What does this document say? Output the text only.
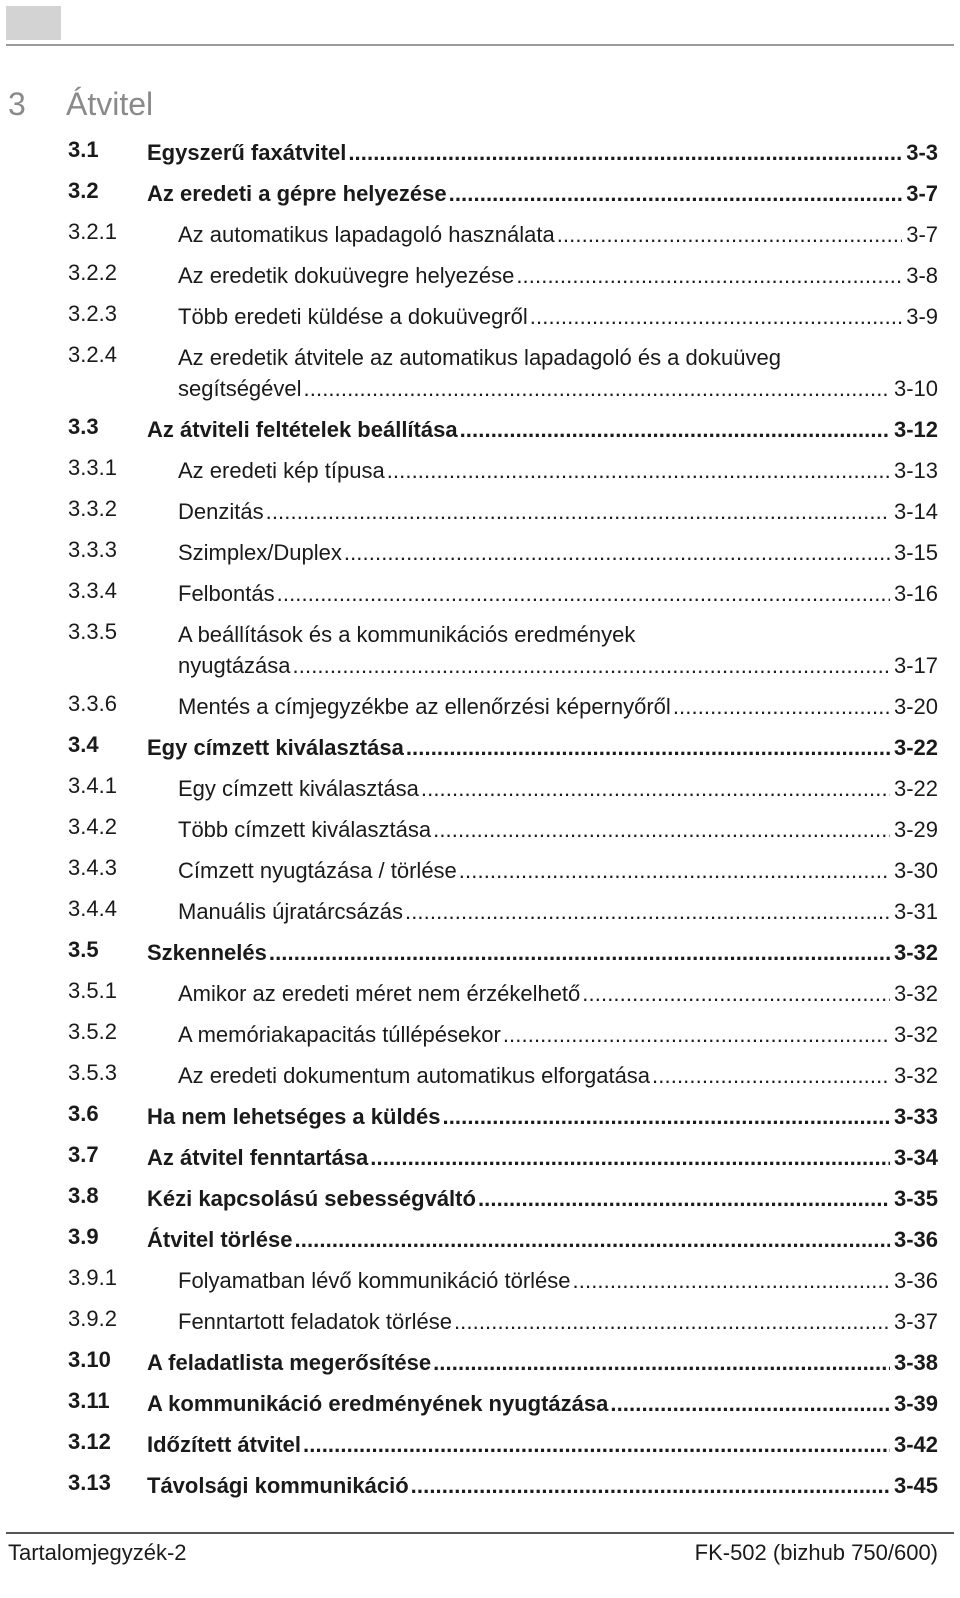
3 Átvitel
3.1 Egyszerű faxátvitel . . .	3-3
3.2 Az eredeti a gépre helyezése . . .	3-7
3.2.1	Az automatikus lapadagoló használata . . .	3-7
3.2.2	Az eredetik dokuüvegre helyezése . . .	3-8
3.2.3	Több eredeti küldése a dokuüvegről . . .	3-9
3.2.4	Az eredetik átvitele az automatikus lapadagoló és a dokuüveg
segítségével . . .	3-10
3.3 Az átviteli feltételek beállítása . . .	3-12
3.3.1	Az eredeti kép típusa . . .	3-13
3.3.2	Denzitás . . .	3-14
3.3.3	Szimplex/Duplex . . .	3-15
3.3.4	Felbontás . . .	3-16
3.3.5	A beállítások és a kommunikációs eredmények
nyugtázása . . .	3-17
3.3.6	Mentés a címjegyzékbe az ellenőrzési képernyőről . . .	3-20
3.4 Egy címzett kiválasztása . . .	3-22
3.4.1	Egy címzett kiválasztása . . .	3-22
3.4.2	Több címzett kiválasztása . . .	3-29
3.4.3	Címzett nyugtázása / törlése . . .	3-30
3.4.4	Manuális újratárcsázás . . .	3-31
3.5 Szkennelés . . .	3-32
3.5.1	Amikor az eredeti méret nem érzékelhető . . .	3-32
3.5.2	A memóriakapacitás túllépésekor . . .	3-32
3.5.3	Az eredeti dokumentum automatikus elforgatása . . .	3-32
3.6 Ha nem lehetséges a küldés . . .	3-33
3.7 Az átvitel fenntartása . . .	3-34
3.8 Kézi kapcsolású sebességváltó . . .	3-35
3.9 Átvitel törlése . . .	3-36
3.9.1	Folyamatban lévő kommunikáció törlése . . .	3-36
3.9.2	Fenntartott feladatok törlése . . .	3-37
3.10 A feladatlista megerősítése . . .	3-38
3.11 A kommunikáció eredményének nyugtázása . . .	3-39
3.12 Időzített átvitel . . .	3-42
3.13 Távolsági kommunikáció . . .	3-45
Tartalomjegyzék-2	FK-502 (bizhub 750/600)
